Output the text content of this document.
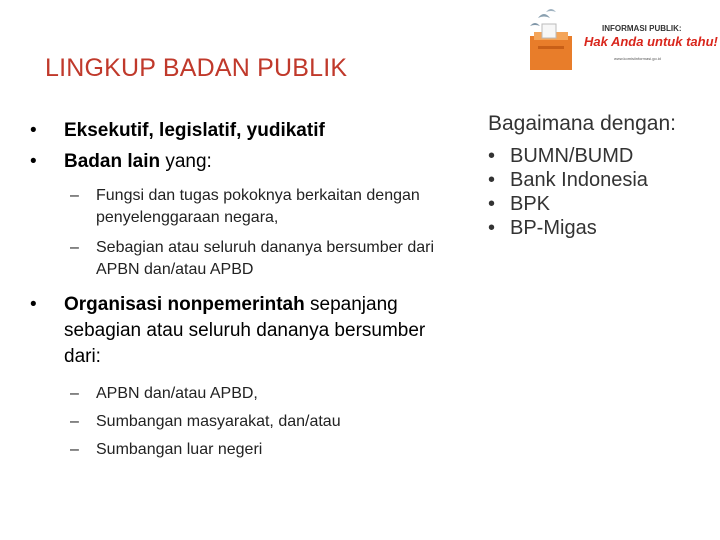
LINGKUP BADAN PUBLIK
INFORMASI PUBLIK:
Hak Anda untuk tahu!
www.komisiinformasi.go.id
•	Eksekutif, legislatif, yudikatif
•	Badan lain yang:
–	Fungsi dan tugas pokoknya berkaitan dengan penyelenggaraan negara,
–	Sebagian atau seluruh dananya bersumber dari APBN dan/atau APBD
•	Organisasi nonpemerintah sepanjang sebagian atau seluruh dananya bersumber dari:
–	APBN dan/atau APBD,
–	Sumbangan masyarakat, dan/atau
–	Sumbangan luar negeri
Bagaimana dengan:
• BUMN/BUMD
• Bank Indonesia
• BPK
• BP-Migas
